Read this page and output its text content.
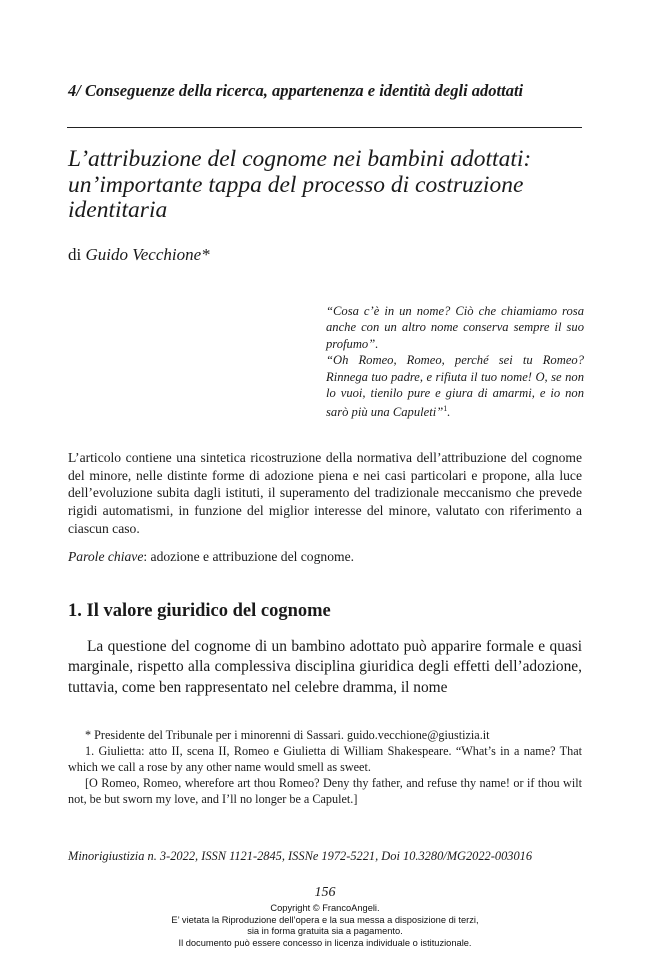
4/ Conseguenze della ricerca, appartenenza e identità degli adottati
L’attribuzione del cognome nei bambini adottati: un’importante tappa del processo di costruzione identitaria
di Guido Vecchione*

“Cosa c’è in un nome? Ciò che chiamiamo rosa anche con un altro nome conserva sempre il suo profumo”.

“Oh Romeo, Romeo, perché sei tu Romeo? Rinnega tuo padre, e rifiuta il tuo nome! O, se non lo vuoi, tienilo pure e giura di amarmi, e io non sarò più una Capuleti”$^1$.

L’articolo contiene una sintetica ricostruzione della normativa dell’attribuzione del cognome del minore, nelle distinte forme di adozione piena e nei casi particolari e propone, alla luce dell’evoluzione subita dagli istituti, il superamento del tradizionale meccanismo che prevede rigidi automatismi, in funzione del miglior interesse del minore, valutato con riferimento a ciascun caso.
Parole chiave: adozione e attribuzione del cognome.
1. Il valore giuridico del cognome

La questione del cognome di un bambino adottato può apparire formale e quasi marginale, rispetto alla complessiva disciplina giuridica degli effetti dell’adozione, tuttavia, come ben rappresentato nel celebre dramma, il nome

* Presidente del Tribunale per i minorenni di Sassari. guido.vecchione@giustizia.it

1. Giulietta: atto II, scena II, Romeo e Giulietta di William Shakespeare. “What’s in a name? That which we call a rose by any other name would smell as sweet.

[O Romeo, Romeo, wherefore art thou Romeo? Deny thy father, and refuse thy name! or if thou wilt not, be but sworn my love, and I’ll no longer be a Capulet.]

Minorigiustizia n. 3-2022, ISSN 1121-2845, ISSNe 1972-5221, Doi 10.3280/MG2022-003016
156
Copyright © FrancoAngeli.
E’ vietata la Riproduzione dell’opera e la sua messa a disposizione di terzi,
sia in forma gratuita sia a pagamento.
Il documento può essere concesso in licenza individuale o istituzionale.
